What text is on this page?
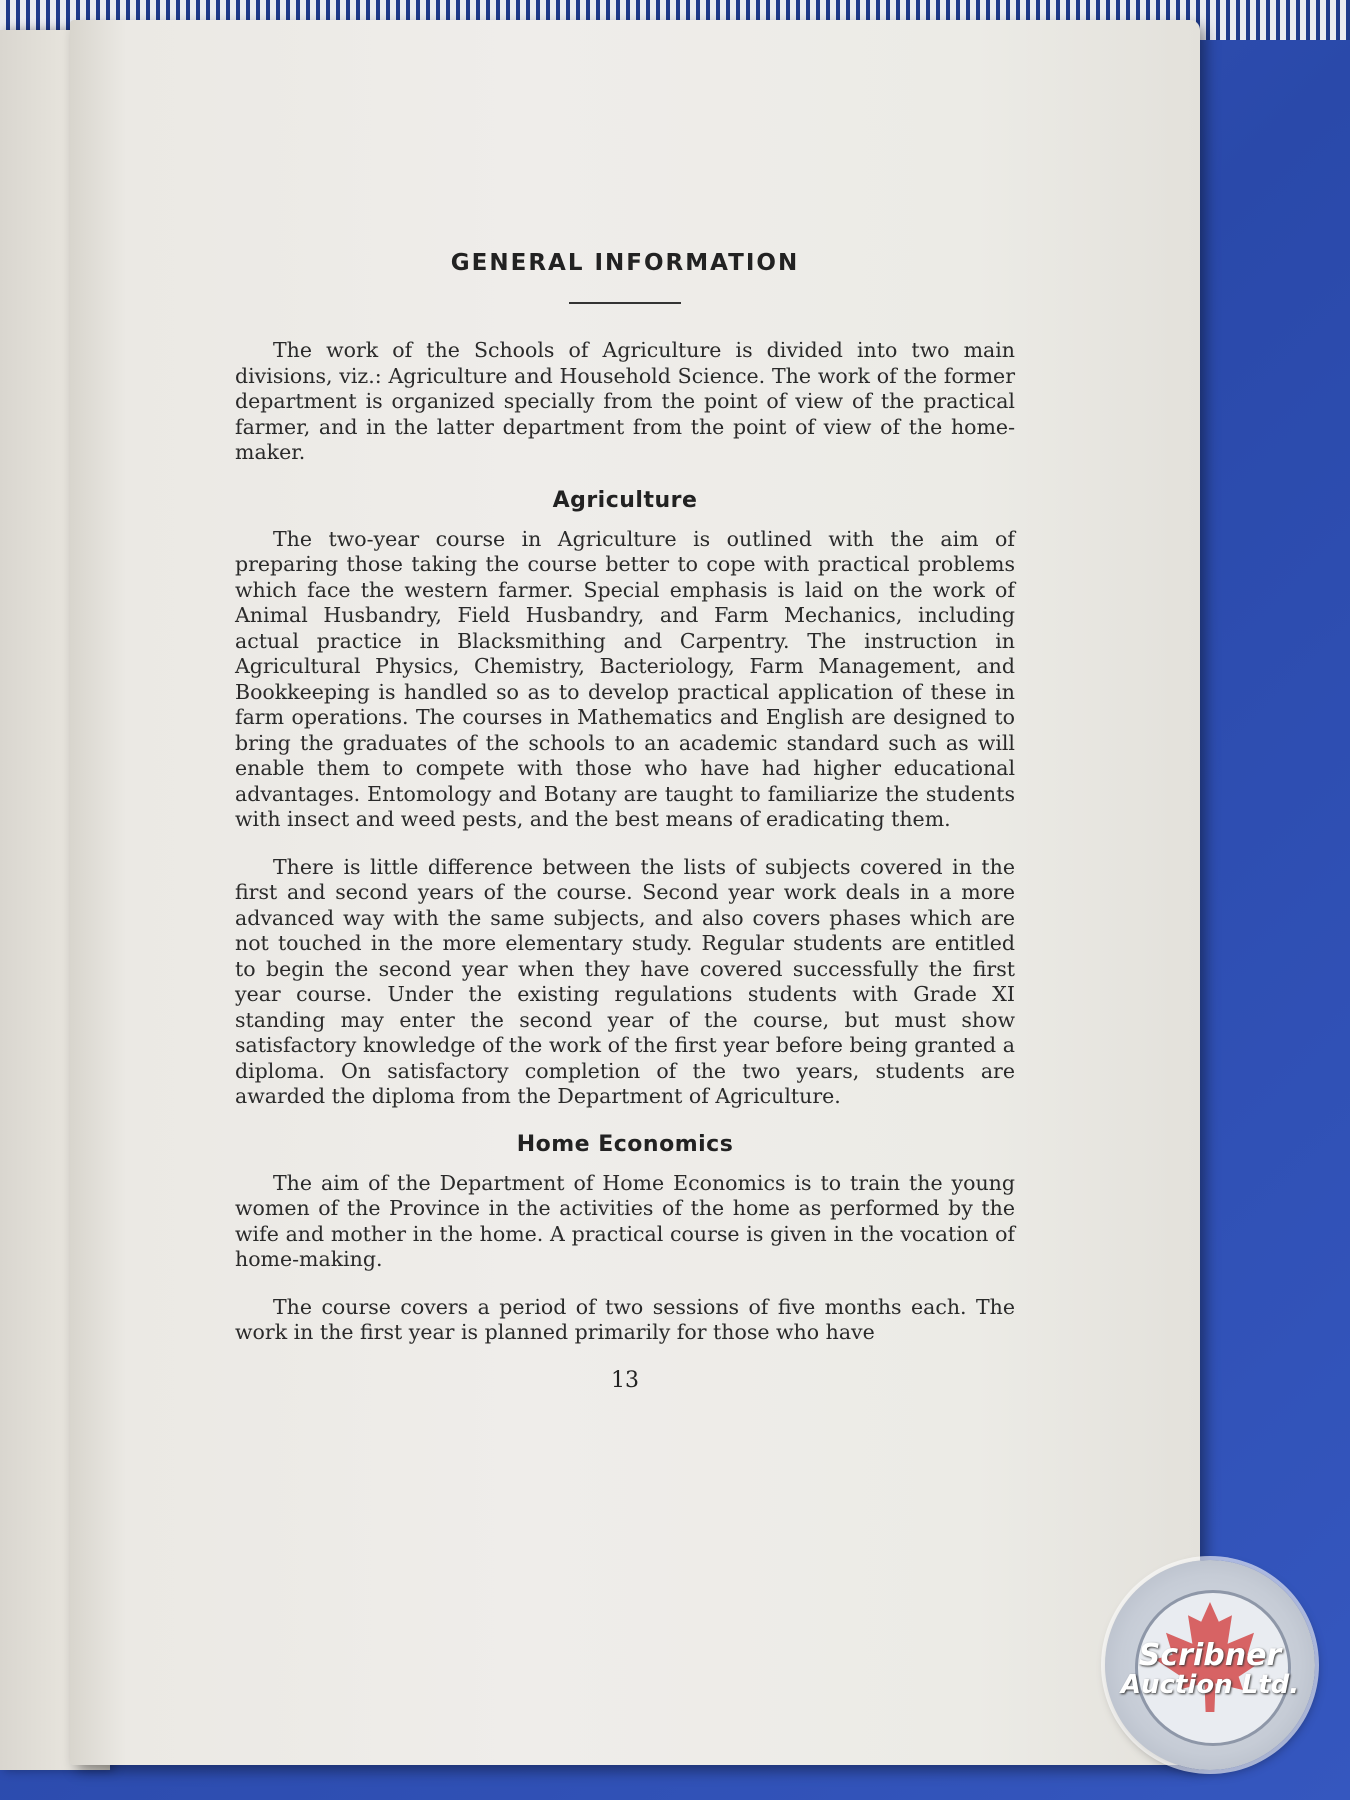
GENERAL INFORMATION

The work of the Schools of Agriculture is divided into two main divisions, viz.: Agriculture and Household Science. The work of the former department is organized specially from the point of view of the practical farmer, and in the latter department from the point of view of the home-maker.

Agriculture

The two-year course in Agriculture is outlined with the aim of preparing those taking the course better to cope with practical problems which face the western farmer. Special emphasis is laid on the work of Animal Husbandry, Field Husbandry, and Farm Mechanics, including actual practice in Blacksmithing and Carpentry. The instruction in Agricultural Physics, Chemistry, Bacteriology, Farm Management, and Bookkeeping is handled so as to develop practical application of these in farm operations. The courses in Mathematics and English are designed to bring the graduates of the schools to an academic standard such as will enable them to compete with those who have had higher educational advantages. Entomology and Botany are taught to familiarize the students with insect and weed pests, and the best means of eradicating them.

There is little difference between the lists of subjects covered in the first and second years of the course. Second year work deals in a more advanced way with the same subjects, and also covers phases which are not touched in the more elementary study. Regular students are entitled to begin the second year when they have covered successfully the first year course. Under the existing regulations students with Grade XI standing may enter the second year of the course, but must show satisfactory knowledge of the work of the first year before being granted a diploma. On satisfactory completion of the two years, students are awarded the diploma from the Department of Agriculture.

Home Economics

The aim of the Department of Home Economics is to train the young women of the Province in the activities of the home as performed by the wife and mother in the home. A practical course is given in the vocation of home-making.

The course covers a period of two sessions of five months each. The work in the first year is planned primarily for those who have

13
Scribner
Auction Ltd.
